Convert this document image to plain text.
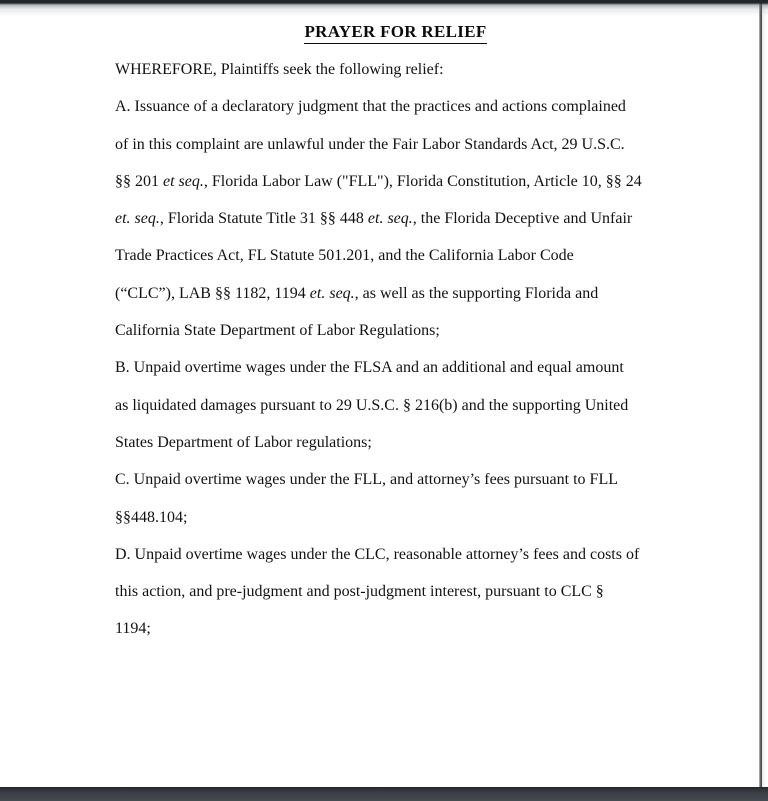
PRAYER FOR RELIEF
WHEREFORE, Plaintiffs seek the following relief:
A. Issuance of a declaratory judgment that the practices and actions complained
of in this complaint are unlawful under the Fair Labor Standards Act, 29 U.S.C.
§§ 201 et seq., Florida Labor Law ("FLL"), Florida Constitution, Article 10, §§ 24
et. seq., Florida Statute Title 31 §§ 448 et. seq., the Florida Deceptive and Unfair
Trade Practices Act, FL Statute 501.201, and the California Labor Code
(“CLC”), LAB §§ 1182, 1194 et. seq., as well as the supporting Florida and
California State Department of Labor Regulations;
B. Unpaid overtime wages under the FLSA and an additional and equal amount
as liquidated damages pursuant to 29 U.S.C. § 216(b) and the supporting United
States Department of Labor regulations;
C. Unpaid overtime wages under the FLL, and attorney’s fees pursuant to FLL
§§448.104;
D. Unpaid overtime wages under the CLC, reasonable attorney’s fees and costs of
this action, and pre-judgment and post-judgment interest, pursuant to CLC §
1194;
